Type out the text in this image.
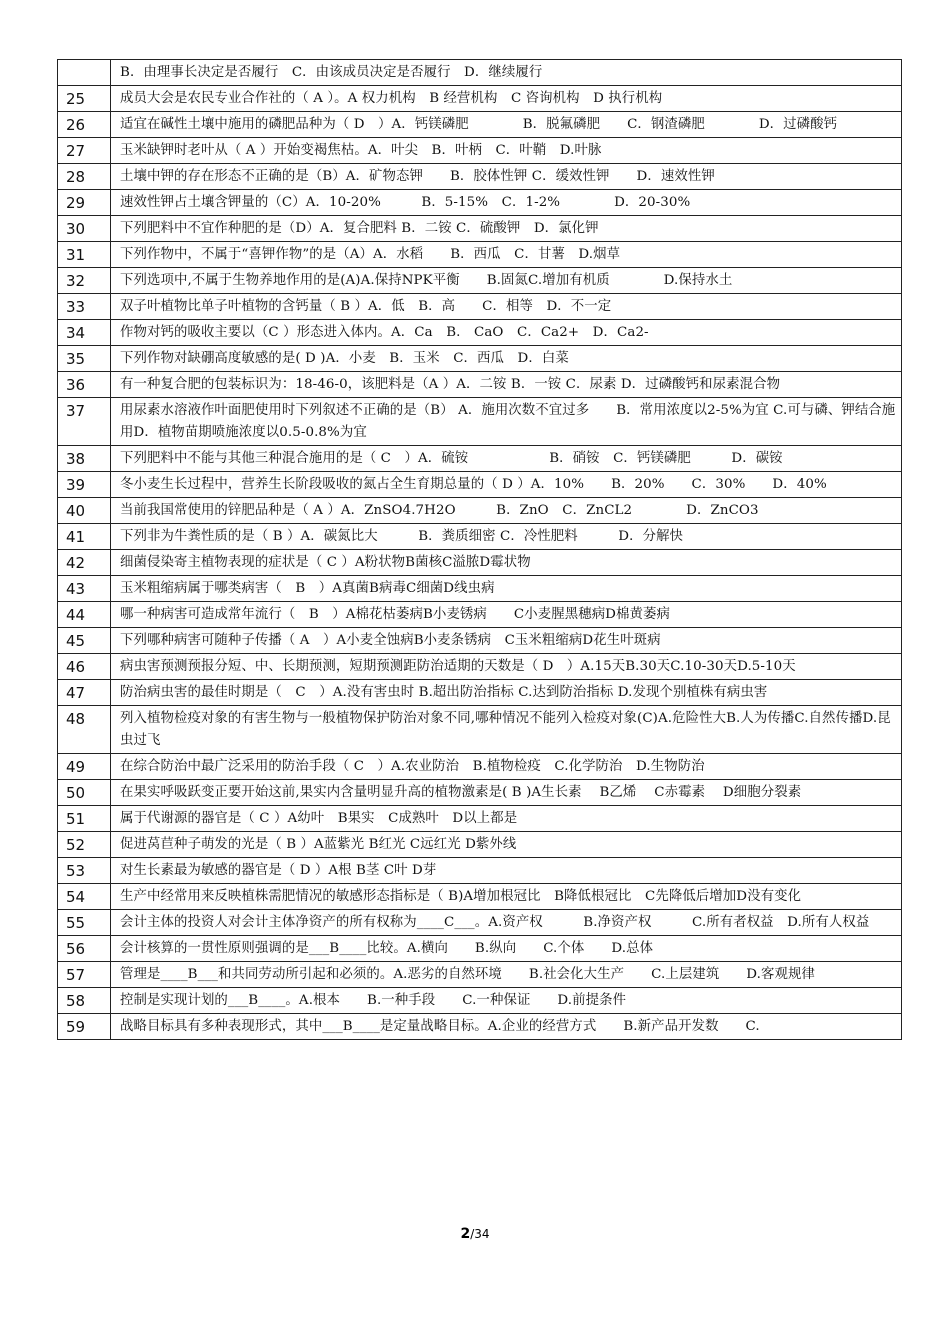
	B．由理事长决定是否履行　C．由该成员决定是否履行　D．继续履行
25	成员大会是农民专业合作社的（ A ）。A 权力机构　B 经营机构　C 咨询机构　D 执行机构
26	适宜在碱性土壤中施用的磷肥品种为（ D　）A．钙镁磷肥　　　　B．脱氟磷肥　　C．钢渣磷肥　　　　D．过磷酸钙
27	玉米缺钾时老叶从（ A ）开始变褐焦枯。A．叶尖　B．叶柄　C．叶鞘　D.叶脉
28	土壤中钾的存在形态不正确的是（B）A．矿物态钾　　B．胶体性钾 C．缓效性钾　　D．速效性钾
29	速效性钾占土壤含钾量的（C）A．10-20%　　　B．5-15%　C．1-2%　　　　D．20-30%
30	下列肥料中不宜作种肥的是（D）A．复合肥料 B．二铵 C．硫酸钾　D．氯化钾
31	下列作物中，不属于“喜钾作物”的是（A）A．水稻　　B．西瓜　C．甘薯　D.烟草
32	下列选项中,不属于生物养地作用的是(A)A.保持NPK平衡　　B.固氮C.增加有机质　　　　D.保持水土
33	双子叶植物比单子叶植物的含钙量（ B ）A．低　B．高　　C．相等　D．不一定
34	作物对钙的吸收主要以（C ）形态进入体内。A．Ca　B.　CaO　C．Ca2+　D．Ca2-
35	下列作物对缺硼高度敏感的是( D )A．小麦　B．玉米　C．西瓜　D．白菜
36	有一种复合肥的包装标识为：18-46-0，该肥料是（A ）A．二铵 B．一铵 C．尿素 D．过磷酸钙和尿素混合物
37	用尿素水溶液作叶面肥使用时下列叙述不正确的是（B） A．施用次数不宜过多　　B．常用浓度以2-5%为宜 C.可与磷、钾结合施用D．植物苗期喷施浓度以0.5-0.8%为宜
38	下列肥料中不能与其他三种混合施用的是（ C　）A．硫铵　　　　　　B．硝铵　C．钙镁磷肥　　　D．碳铵
39	冬小麦生长过程中，营养生长阶段吸收的氮占全生育期总量的（ D ）A．10%　　B．20%　　C．30%　　D．40%
40	当前我国常使用的锌肥品种是（ A ）A．ZnSO4.7H2O　　　B．ZnO　C．ZnCL2　　　　D．ZnCO3
41	下列非为牛粪性质的是（ B ）A．碳氮比大　　　B．粪质细密 C．冷性肥料　　　D．分解快
42	细菌侵染寄主植物表现的症状是（ C ）A粉状物B菌核C溢脓D霉状物
43	玉米粗缩病属于哪类病害（　B　）A真菌B病毒C细菌D线虫病
44	哪一种病害可造成常年流行（　B　）A棉花枯萎病B小麦锈病　　C小麦腥黑穗病D棉黄萎病
45	下列哪种病害可随种子传播（ A　）A小麦全蚀病B小麦条锈病　C玉米粗缩病D花生叶斑病
46	病虫害预测预报分短、中、长期预测，短期预测距防治适期的天数是（ D　）A.15天B.30天C.10-30天D.5-10天
47	防治病虫害的最佳时期是（　C　）A.没有害虫时 B.超出防治指标 C.达到防治指标 D.发现个别植株有病虫害
48	列入植物检疫对象的有害生物与一般植物保护防治对象不同,哪种情况不能列入检疫对象(C)A.危险性大B.人为传播C.自然传播D.昆虫过飞
49	在综合防治中最广泛采用的防治手段（ C　）A.农业防治　B.植物检疫　C.化学防治　D.生物防治
50	在果实呼吸跃变正要开始这前,果实内含量明显升高的植物激素是( B )A生长素　 B乙烯　 C赤霉素　 D细胞分裂素
51	属于代谢源的器官是（ C ）A幼叶　B果实　C成熟叶　D以上都是
52	促进莴苣种子萌发的光是（ B ）A蓝紫光 B红光 C远红光 D紫外线
53	对生长素最为敏感的器官是（ D ）A根 B茎 C叶 D芽
54	生产中经常用来反映植株需肥情况的敏感形态指标是（ B)A增加根冠比　B降低根冠比　C先降低后增加D没有变化
55	会计主体的投资人对会计主体净资产的所有权称为____C___。A.资产权　　　B.净资产权　　　C.所有者权益　D.所有人权益
56	会计核算的一贯性原则强调的是___B____比较。A.横向　　B.纵向　　C.个体　　D.总体
57	管理是____B___和共同劳动所引起和必须的。A.恶劣的自然环境　　B.社会化大生产　　C.上层建筑　　D.客观规律
58	控制是实现计划的___B____。A.根本　　B.一种手段　　C.一种保证　　D.前提条件
59	战略目标具有多种表现形式，其中___B____是定量战略目标。A.企业的经营方式　　B.新产品开发数　　C.
2/34
